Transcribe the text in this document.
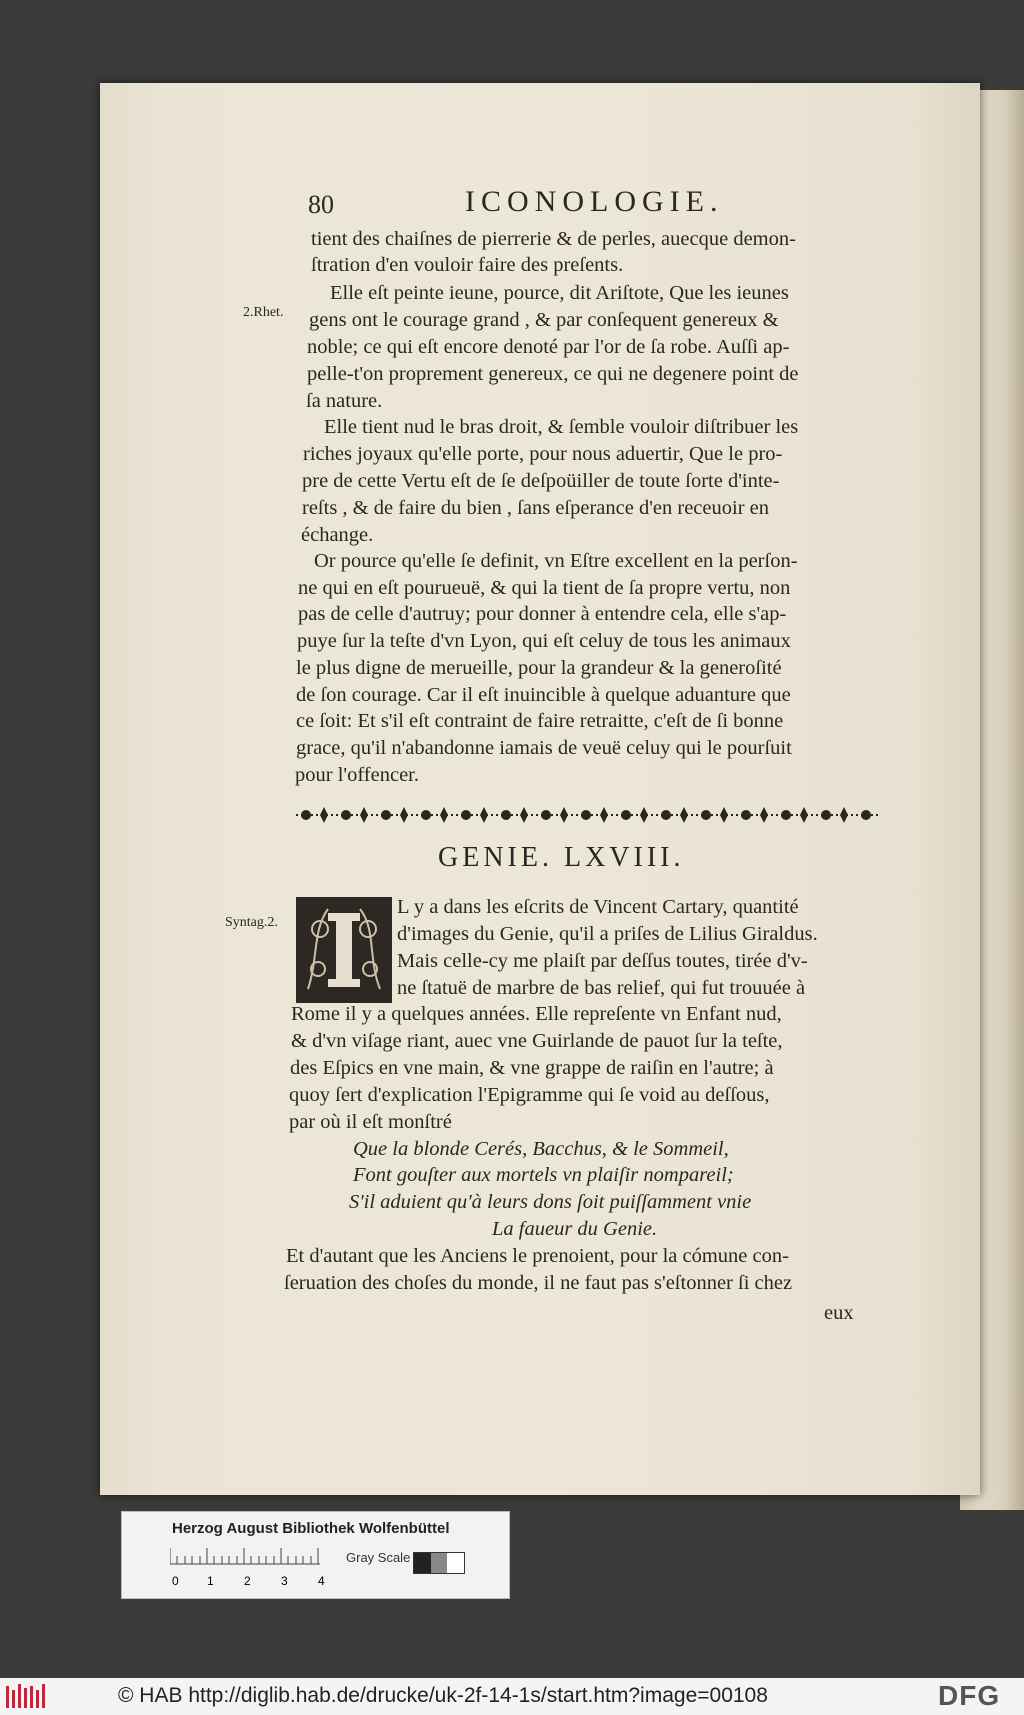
80	ICONOLOGIE.
2.Rhet.
Syntag.2.
tient des chaiſnes de pierrerie & de perles, auecque demon-
ſtration d'en vouloir faire des preſents.
Elle eſt peinte ieune, pource, dit Ariſtote, Que les ieunes
gens ont le courage grand , & par conſequent genereux &
noble; ce qui eſt encore denoté par l'or de ſa robe. Auſſi ap-
pelle-t'on proprement genereux, ce qui ne degenere point de
ſa nature.
Elle tient nud le bras droit, & ſemble vouloir diſtribuer les
riches joyaux qu'elle porte, pour nous aduertir, Que le pro-
pre de cette Vertu eſt de ſe deſpoüiller de toute ſorte d'inte-
reſts , & de faire du bien , ſans eſperance d'en receuoir en
échange.
Or pource qu'elle ſe definit, vn Eſtre excellent en la perſon-
ne qui en eſt pourueuë, & qui la tient de ſa propre vertu, non
pas de celle d'autruy; pour donner à entendre cela, elle s'ap-
puye ſur la teſte d'vn Lyon, qui eſt celuy de tous les animaux
le plus digne de merueille, pour la grandeur & la generoſité
de ſon courage. Car il eſt inuincible à quelque aduanture que
ce ſoit: Et s'il eſt contraint de faire retraitte, c'eſt de ſi bonne
grace, qu'il n'abandonne iamais de veuë celuy qui le pourſuit
pour l'offencer.
GENIE. LXVIII.
L y a dans les eſcrits de Vincent Cartary, quantité
d'images du Genie, qu'il a priſes de Lilius Giraldus.
Mais celle-cy me plaiſt par deſſus toutes, tirée d'v-
ne ſtatuë de marbre de bas relief, qui fut trouuée à
Rome il y a quelques années. Elle repreſente vn Enfant nud,
& d'vn viſage riant, auec vne Guirlande de pauot ſur la teſte,
des Eſpics en vne main, & vne grappe de raiſin en l'autre; à
quoy ſert d'explication l'Epigramme qui ſe void au deſſous,
par où il eſt monſtré
Que la blonde Cerés, Bacchus, & le Sommeil,
Font gouſter aux mortels vn plaiſir nompareil;
S'il aduient qu'à leurs dons ſoit puiſſamment vnie
La faueur du Genie.
Et d'autant que les Anciens le prenoient, pour la cómune con-
ſeruation des choſes du monde, il ne faut pas s'eſtonner ſi chez
eux
Herzog August Bibliothek Wolfenbüttel
0 1	2	3	4
Gray Scale
© HAB http://diglib.hab.de/drucke/uk-2f-14-1s/start.htm?image=00108	DFG
